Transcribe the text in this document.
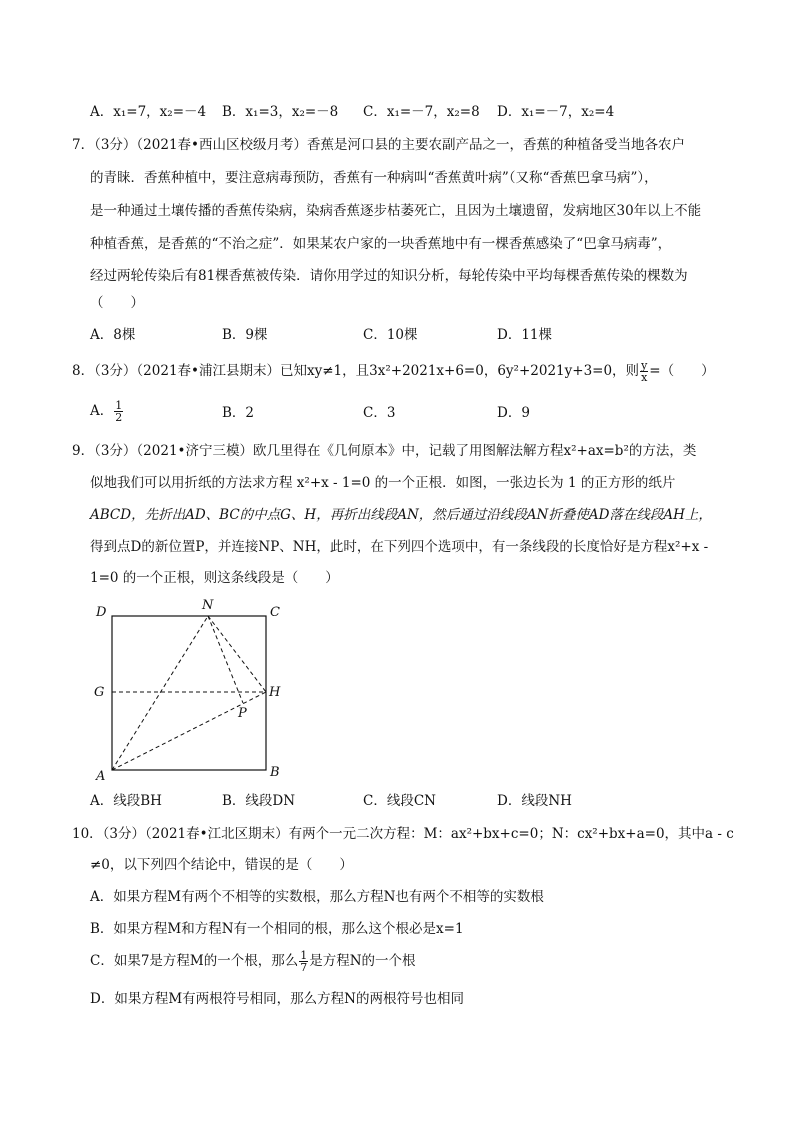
A．x₁=7，x₂=－4 B．x₁=3，x₂=－8 C．x₁=－7，x₂=8 D．x₁=－7，x₂=4
7．（3分）（2021春•西山区校级月考）香蕉是河口县的主要农副产品之一，香蕉的种植备受当地各农户
的青睐．香蕉种植中，要注意病毒预防，香蕉有一种病叫“香蕉黄叶病”（又称“香蕉巴拿马病”），
是一种通过土壤传播的香蕉传染病，染病香蕉逐步枯萎死亡，且因为土壤遗留，发病地区30年以上不能
种植香蕉，是香蕉的“不治之症”．如果某农户家的一块香蕉地中有一棵香蕉感染了“巴拿马病毒”，
经过两轮传染后有81棵香蕉被传染．请你用学过的知识分析，每轮传染中平均每棵香蕉传染的棵数为
（　　）
A．8棵	B．9棵	C．10棵	D．11棵
8．（3分）（2021春•浦江县期末）已知xy≠1，且3x²+2021x+6=0，6y²+2021y+3=0，则 $\frac{y}{x}$ =（　　）
A． $\frac{1}{2}$	B．2	C．3	D．9
9．（3分）（2021•济宁三模）欧几里得在《几何原本》中，记载了用图解法解方程x²+ax=b²的方法，类
似地我们可以用折纸的方法求方程 x²+x - 1=0 的一个正根．如图，一张边长为 1 的正方形的纸片
ABCD，先折出AD、BC的中点G、H，再折出线段AN，然后通过沿线段AN折叠使AD落在线段AH上，
得到点D的新位置P，并连接NP、NH，此时，在下列四个选项中，有一条线段的长度恰好是方程x²+x -
1=0 的一个正根，则这条线段是（　　）
D	N	C
G	H
P
A	B
A．线段BH	B．线段DN	C．线段CN	D．线段NH
10．（3分）（2021春•江北区期末）有两个一元二次方程：M：ax²+bx+c=0；N：cx²+bx+a=0，其中a - c
≠0，以下列四个结论中，错误的是（　　）
A．如果方程M有两个不相等的实数根，那么方程N也有两个不相等的实数根
B．如果方程M和方程N有一个相同的根，那么这个根必是x=1
C．如果7是方程M的一个根，那么 $\frac{1}{7}$ 是方程N的一个根
D．如果方程M有两根符号相同，那么方程N的两根符号也相同
